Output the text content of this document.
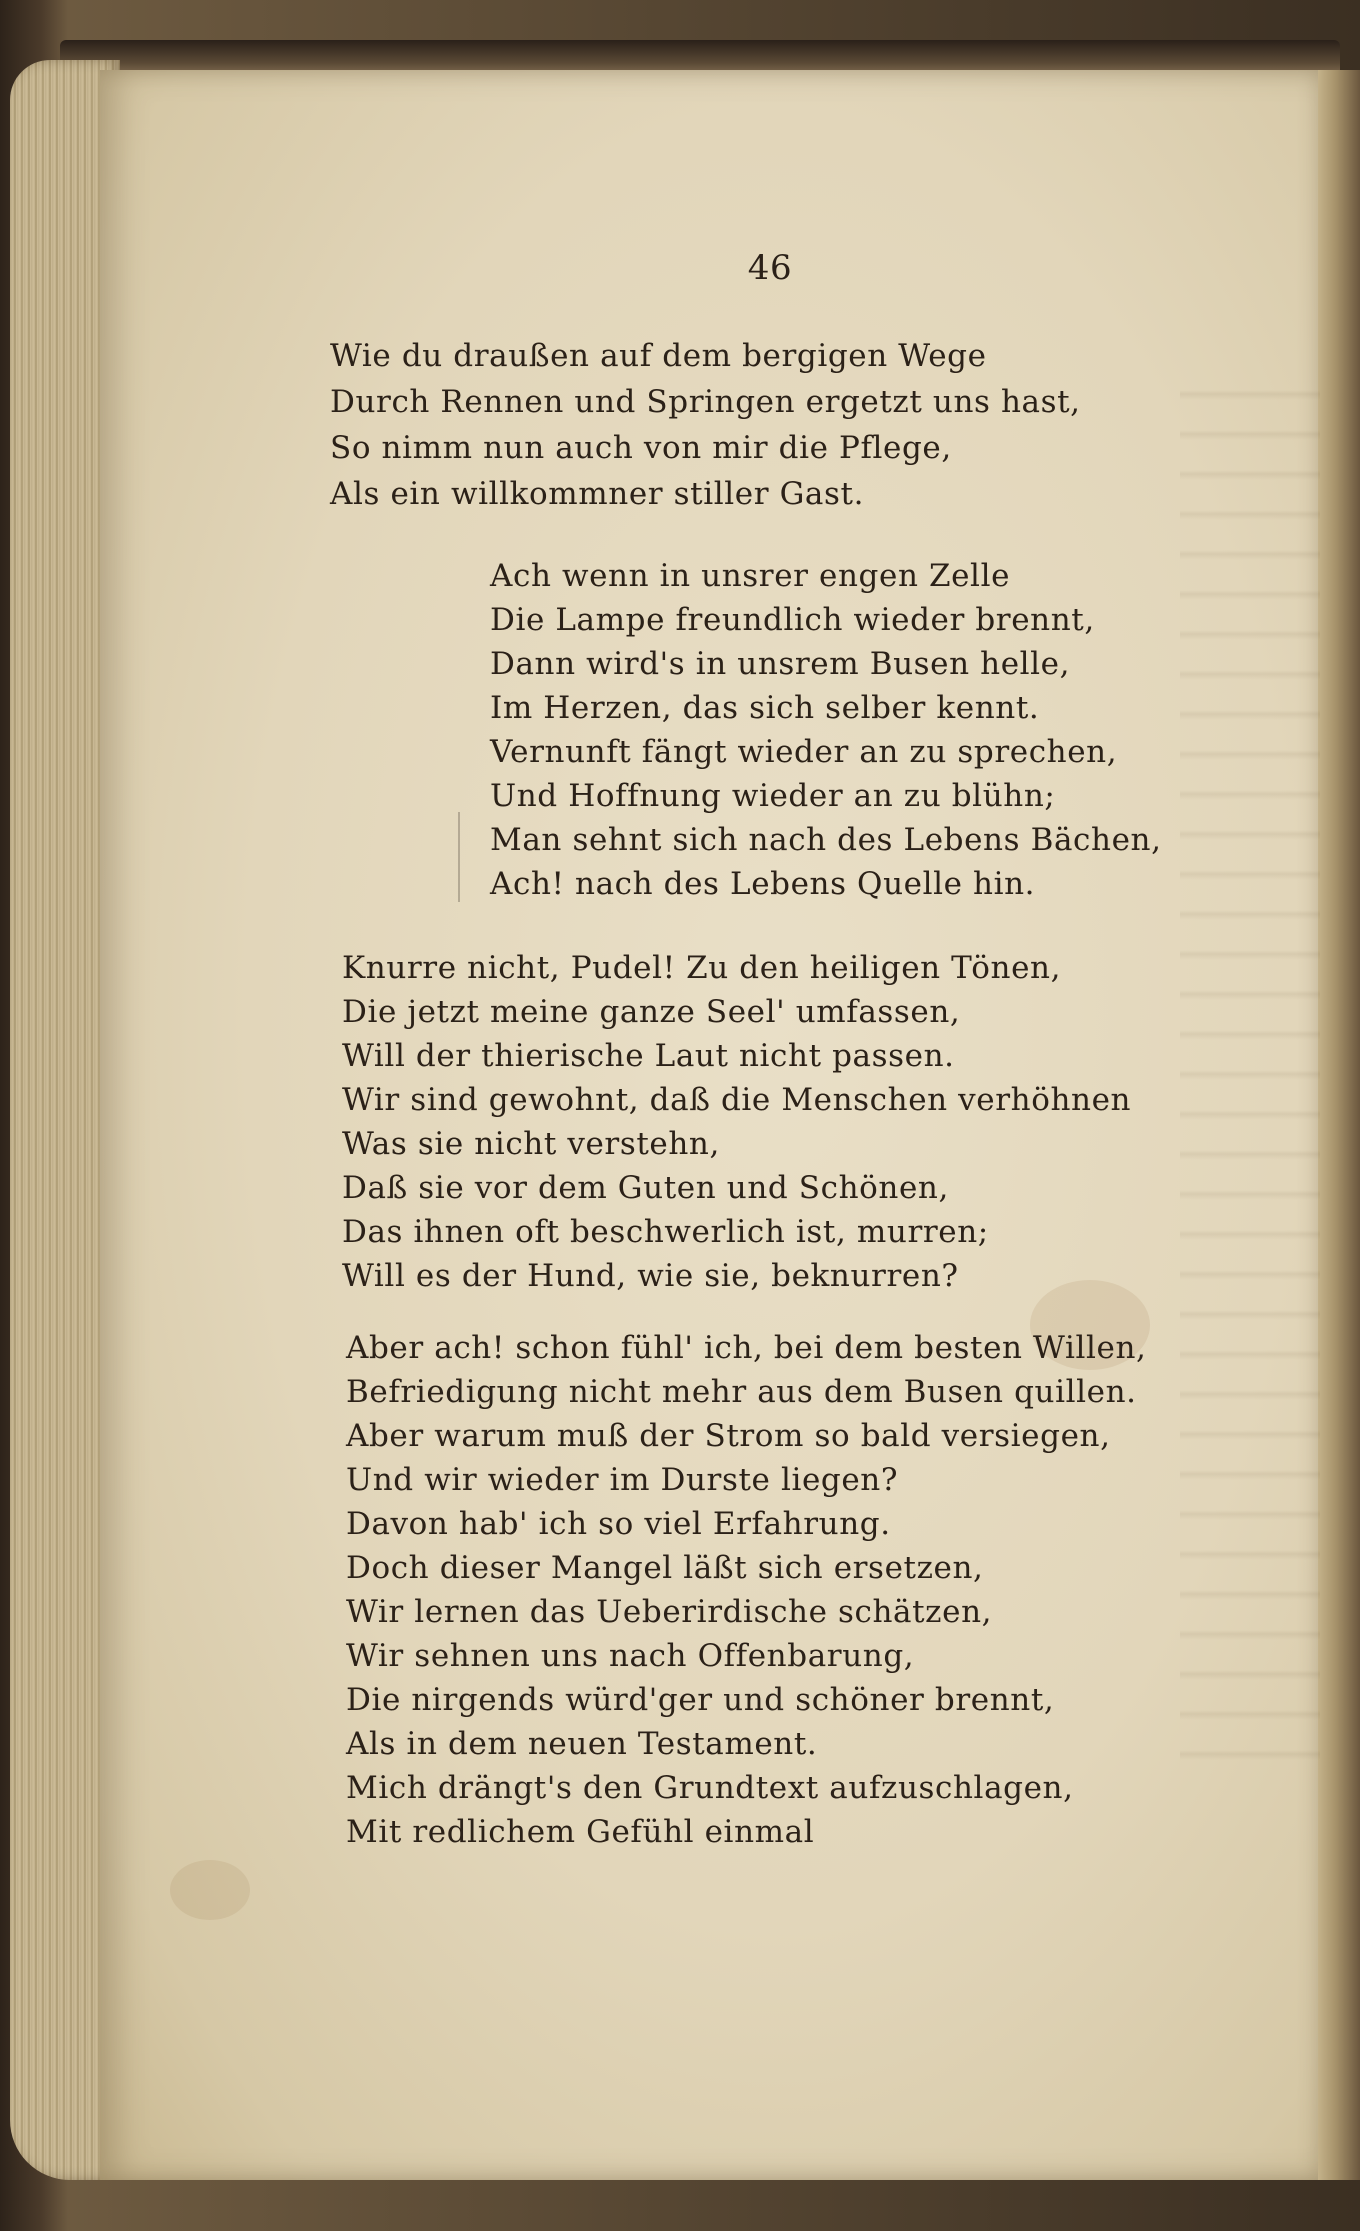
46
Wie du draußen auf dem bergigen Wege
Durch Rennen und Springen ergetzt uns hast,
So nimm nun auch von mir die Pflege,
Als ein willkommner stiller Gast.
Ach wenn in unsrer engen Zelle
Die Lampe freundlich wieder brennt,
Dann wird's in unsrem Busen helle,
Im Herzen, das sich selber kennt.
Vernunft fängt wieder an zu sprechen,
Und Hoffnung wieder an zu blühn;
Man sehnt sich nach des Lebens Bächen,
Ach! nach des Lebens Quelle hin.
Knurre nicht, Pudel! Zu den heiligen Tönen,
Die jetzt meine ganze Seel' umfassen,
Will der thierische Laut nicht passen.
Wir sind gewohnt, daß die Menschen verhöhnen
Was sie nicht verstehn,
Daß sie vor dem Guten und Schönen,
Das ihnen oft beschwerlich ist, murren;
Will es der Hund, wie sie, beknurren?
Aber ach! schon fühl' ich, bei dem besten Willen,
Befriedigung nicht mehr aus dem Busen quillen.
Aber warum muß der Strom so bald versiegen,
Und wir wieder im Durste liegen?
Davon hab' ich so viel Erfahrung.
Doch dieser Mangel läßt sich ersetzen,
Wir lernen das Ueberirdische schätzen,
Wir sehnen uns nach Offenbarung,
Die nirgends würd'ger und schöner brennt,
Als in dem neuen Testament.
Mich drängt's den Grundtext aufzuschlagen,
Mit redlichem Gefühl einmal
